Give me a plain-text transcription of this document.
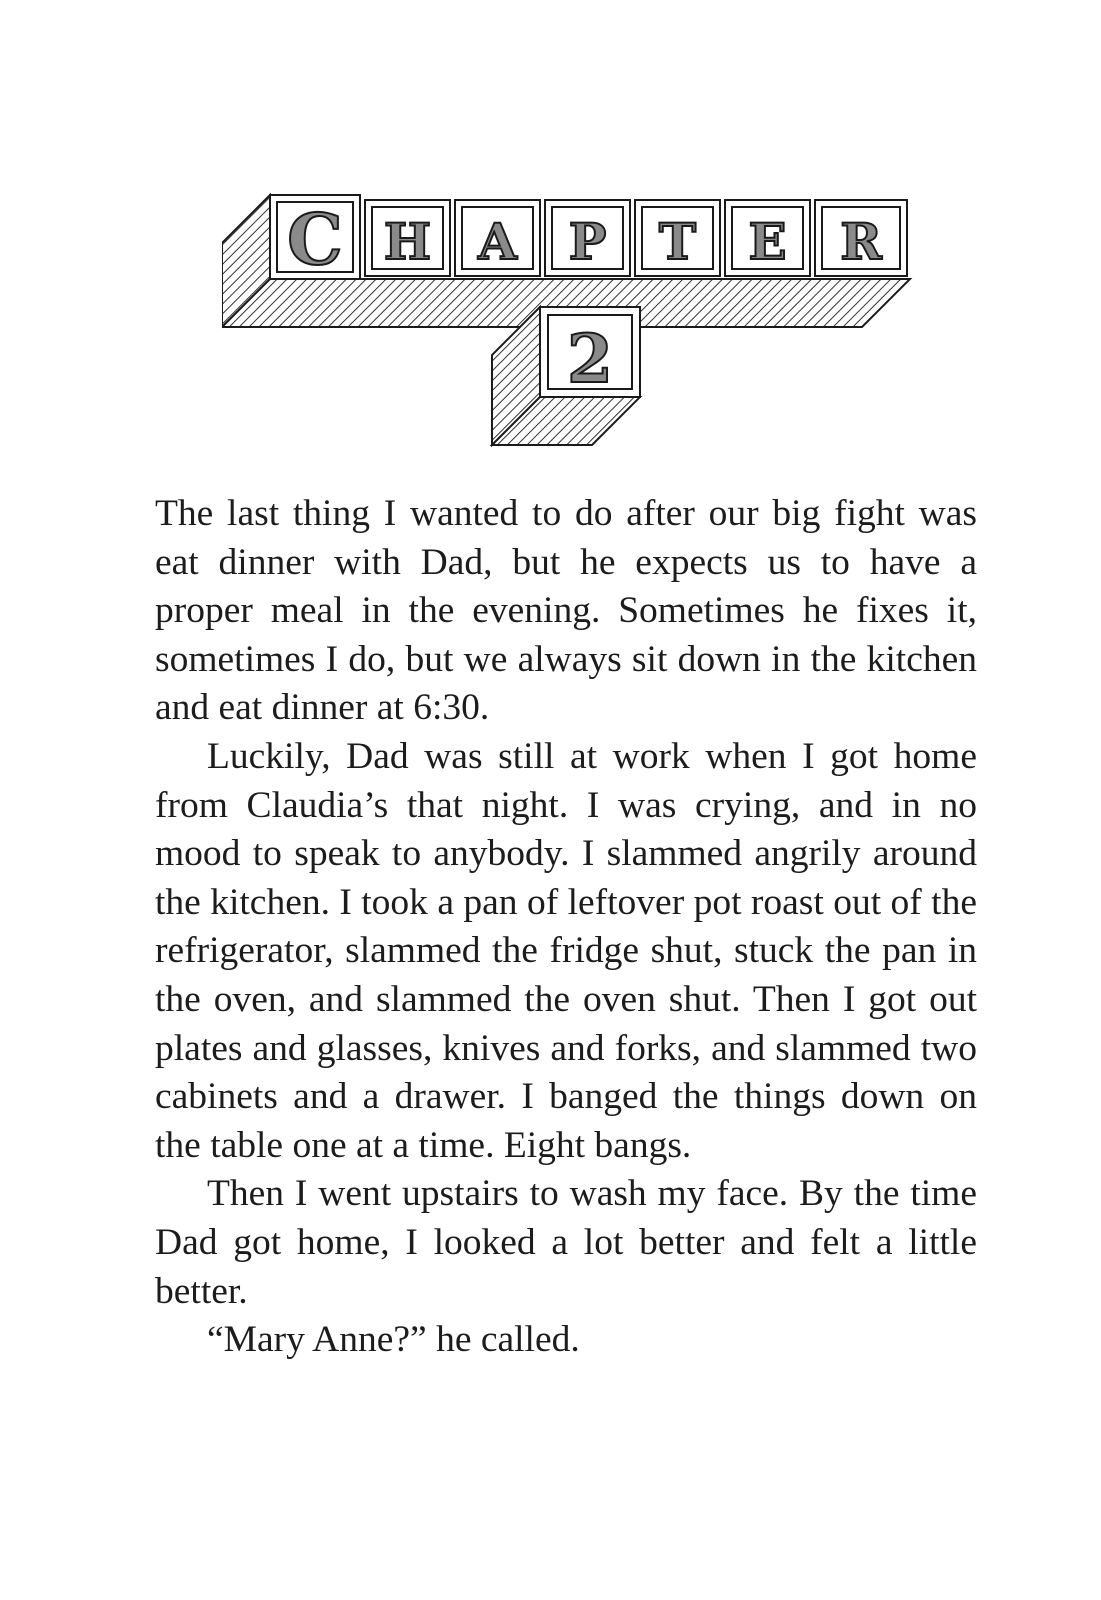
C H A P T E R
2

The last thing I wanted to do after our big fight was eat dinner with Dad, but he expects us to have a proper meal in the evening. Sometimes he fixes it, sometimes I do, but we always sit down in the kitchen and eat dinner at 6:30.

Luckily, Dad was still at work when I got home from Claudia’s that night. I was crying, and in no mood to speak to anybody. I slammed angrily around the kitchen. I took a pan of leftover pot roast out of the refrigerator, slammed the fridge shut, stuck the pan in the oven, and slammed the oven shut. Then I got out plates and glasses, knives and forks, and slammed two cabinets and a drawer. I banged the things down on the table one at a time. Eight bangs.

Then I went upstairs to wash my face. By the time Dad got home, I looked a lot better and felt a little better.

“Mary Anne?” he called.
